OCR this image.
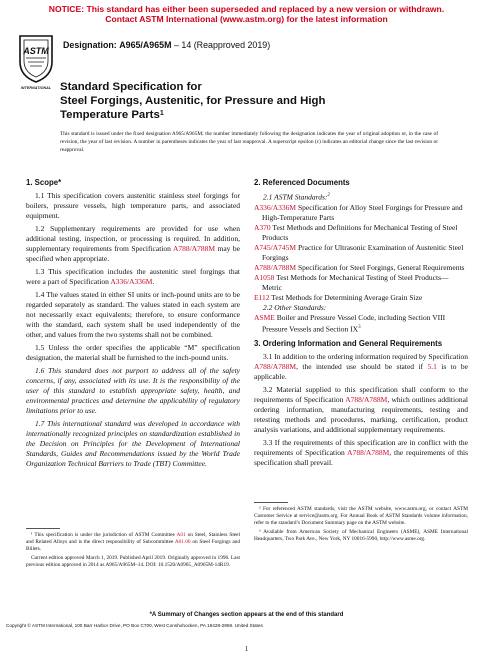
NOTICE: This standard has either been superseded and replaced by a new version or withdrawn.
Contact ASTM International (www.astm.org) for the latest information
ASTM
INTERNATIONAL
Designation: A965/A965M – 14 (Reapproved 2019)
Standard Specification for
Steel Forgings, Austenitic, for Pressure and High
Temperature Parts$^1$
This standard is issued under the fixed designation A965/A965M; the number immediately following the designation indicates the year of original adoption or, in the case of revision, the year of last revision. A number in parentheses indicates the year of last reapproval. A superscript epsilon (ε) indicates an editorial change since the last revision or reapproval.
1. Scope*

1.1 This specification covers austenitic stainless steel forgings for boilers, pressure vessels, high temperature parts, and associated equipment.

1.2 Supplementary requirements are provided for use when additional testing, inspection, or processing is required. In addition, supplementary requirements from Specification A788/A788M may be specified when appropriate.

1.3 This specification includes the austenitic steel forgings that were a part of Specification A336/A336M.

1.4 The values stated in either SI units or inch-pound units are to be regarded separately as standard. The values stated in each system are not necessarily exact equivalents; therefore, to ensure conformance with the standard, each system shall be used independently of the other, and values from the two systems shall not be combined.

1.5 Unless the order specifies the applicable “M” specification designation, the material shall be furnished to the inch-pound units.

1.6 This standard does not purport to address all of the safety concerns, if any, associated with its use. It is the responsibility of the user of this standard to establish appropriate safety, health, and environmental practices and determine the applicability of regulatory limitations prior to use.

1.7 This international standard was developed in accordance with internationally recognized principles on standardization established in the Decision on Principles for the Development of International Standards, Guides and Recommendations issued by the World Trade Organization Technical Barriers to Trade (TBT) Committee.

2. Referenced Documents

2.1 ASTM Standards:$^2$

A336/A336M Specification for Alloy Steel Forgings for Pressure and High-Temperature Parts

A370 Test Methods and Definitions for Mechanical Testing of Steel Products

A745/A745M Practice for Ultrasonic Examination of Austenitic Steel Forgings

A788/A788M Specification for Steel Forgings, General Requirements

A1058 Test Methods for Mechanical Testing of Steel Products—Metric

E112 Test Methods for Determining Average Grain Size

2.2 Other Standards:

ASME Boiler and Pressure Vessel Code, including Section VIII Pressure Vessels and Section $IX^3$

3. Ordering Information and General Requirements

3.1 In addition to the ordering information required by Specification A788/A788M, the intended use should be stated if 5.1 is to be applicable.

3.2 Material supplied to this specification shall conform to the requirements of Specification A788/A788M, which outlines additional ordering information, manufacturing requirements, testing and retesting methods and procedures, marking, certification, product analysis variations, and additional supplementary requirements.

3.3 If the requirements of this specification are in conflict with the requirements of Specification A788/A788M, the requirements of this specification shall prevail.

¹ This specification is under the jurisdiction of ASTM Committee A01 on Steel, Stainless Steel and Related Alloys and is the direct responsibility of Subcommittee A01.06 on Steel Forgings and Billets.

Current edition approved March 1, 2019. Published April 2019. Originally approved in 1996. Last previous edition approved in 2014 as A965/A965M–14. DOI: 10.1520/A0965_A0965M-14R19.

² For referenced ASTM standards, visit the ASTM website, www.astm.org, or contact ASTM Customer Service at service@astm.org. For Annual Book of ASTM Standards volume information, refer to the standard’s Document Summary page on the ASTM website.

³ Available from American Society of Mechanical Engineers (ASME), ASME International Headquarters, Two Park Ave., New York, NY 10016-5990, http://www.asme.org.

*A Summary of Changes section appears at the end of this standard
Copyright © ASTM International, 100 Barr Harbor Drive, PO Box C700, West Conshohocken, PA 19428-2959. United States
1
